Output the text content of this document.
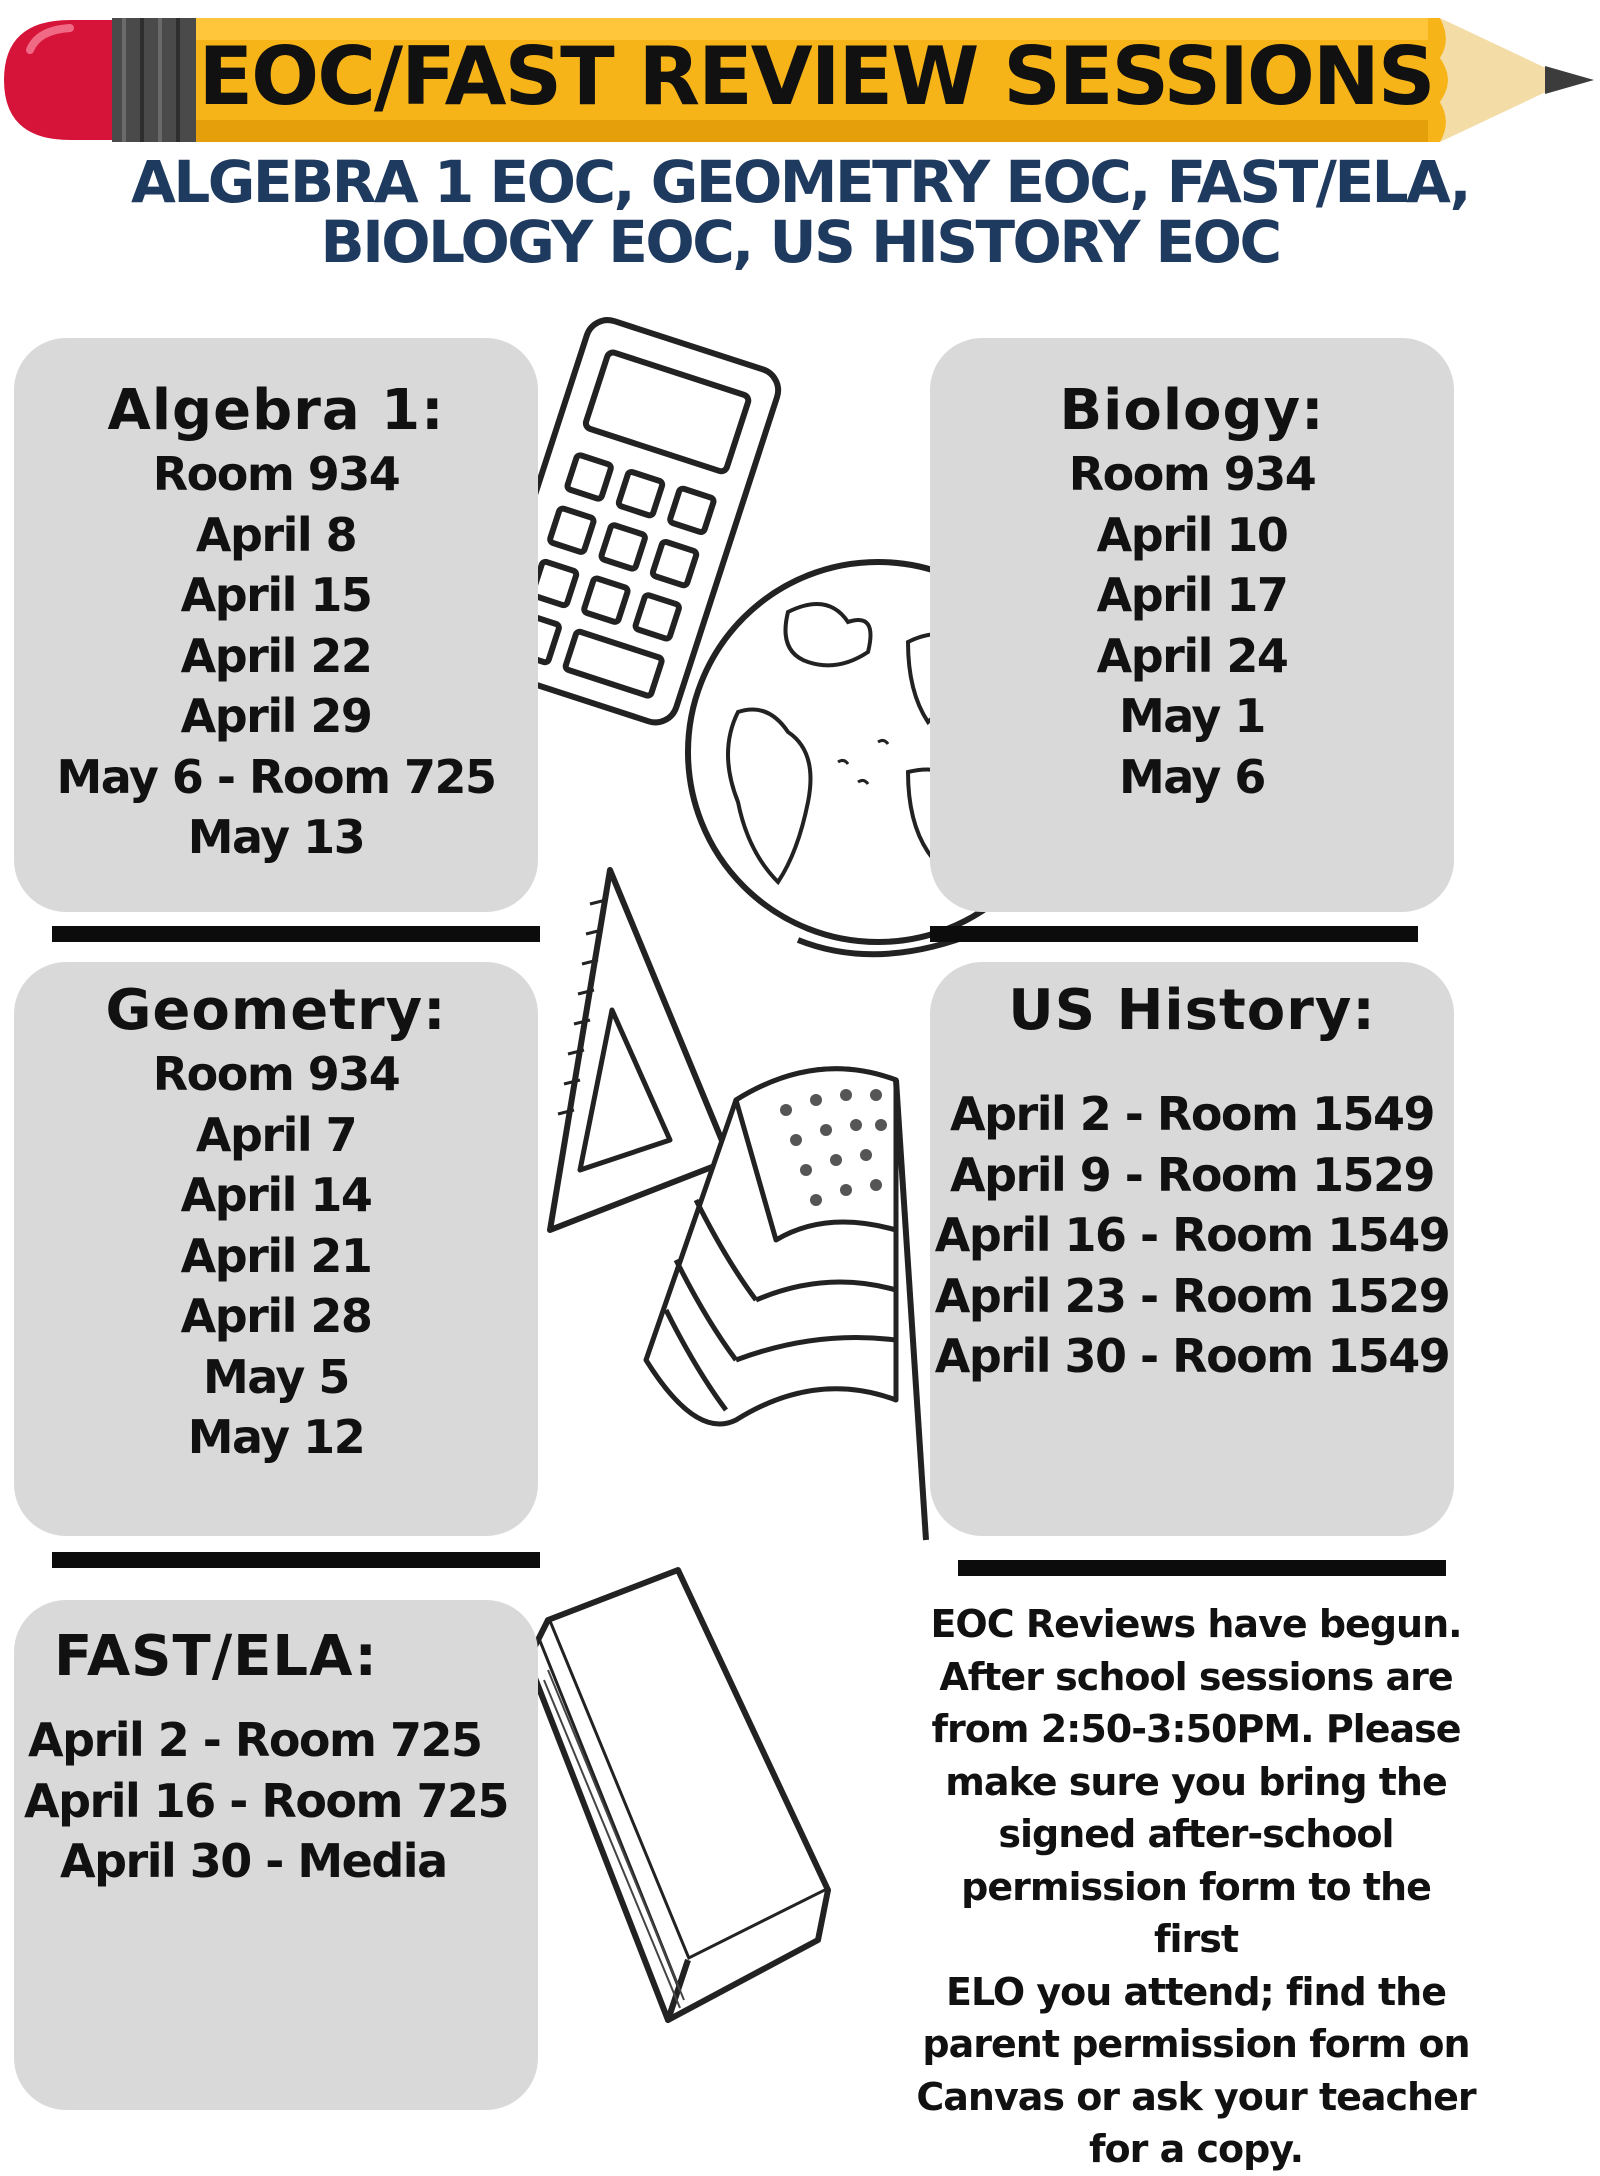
EOC/FAST REVIEW SESSIONS
ALGEBRA 1 EOC, GEOMETRY EOC, FAST/ELA,
BIOLOGY EOC, US HISTORY EOC
Algebra 1:
Room 934
April 8
April 15
April 22
April 29
May 6 - Room 725
May 13
Biology:
Room 934
April 10
April 17
April 24
May 1
May 6
Geometry:
Room 934
April 7
April 14
April 21
April 28
May 5
May 12
US History:
April 2 - Room 1549
April 9 - Room 1529
April 16 - Room 1549
April 23 - Room 1529
April 30 - Room 1549
FAST/ELA:
April 2 - Room 725
April 16 - Room 725
April 30 - Media
EOC Reviews have begun.
After school sessions are
from 2:50-3:50PM. Please
make sure you bring the
signed after-school
permission form to the first
ELO you attend; find the
parent permission form on
Canvas or ask your teacher
for a copy.
